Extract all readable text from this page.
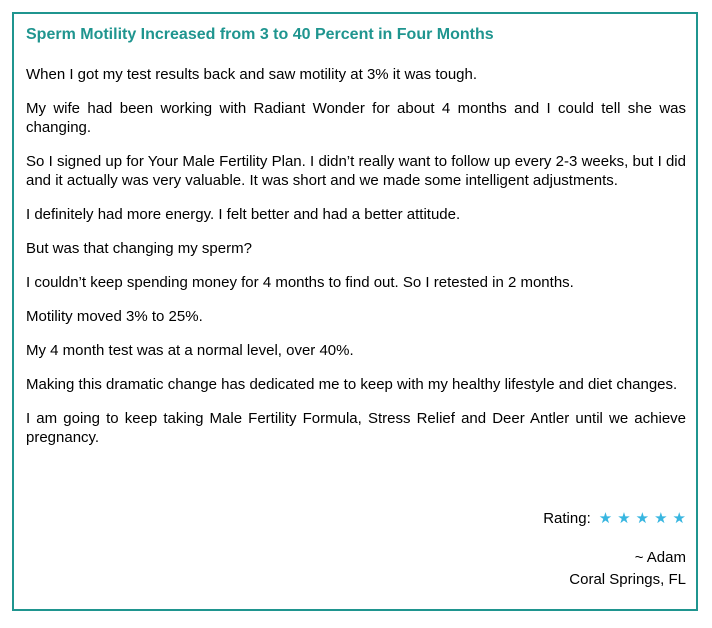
Sperm Motility Increased from 3 to 40 Percent in Four Months

When I got my test results back and saw motility at 3% it was tough.

My wife had been working with Radiant Wonder for about 4 months and I could tell she was changing.

So I signed up for Your Male Fertility Plan. I didn’t really want to follow up every 2-3 weeks, but I did and it actually was very valuable. It was short and we made some intelligent adjustments.

I definitely had more energy. I felt better and had a better attitude.

But was that changing my sperm?

I couldn’t keep spending money for 4 months to find out. So I retested in 2 months.

Motility moved 3% to 25%.

My 4 month test was at a normal level, over 40%.

Making this dramatic change has dedicated me to keep with my healthy lifestyle and diet changes.

I am going to keep taking Male Fertility Formula, Stress Relief and Deer Antler until we achieve pregnancy.

Rating: ★ ★ ★ ★ ★
~ Adam
Coral Springs, FL
